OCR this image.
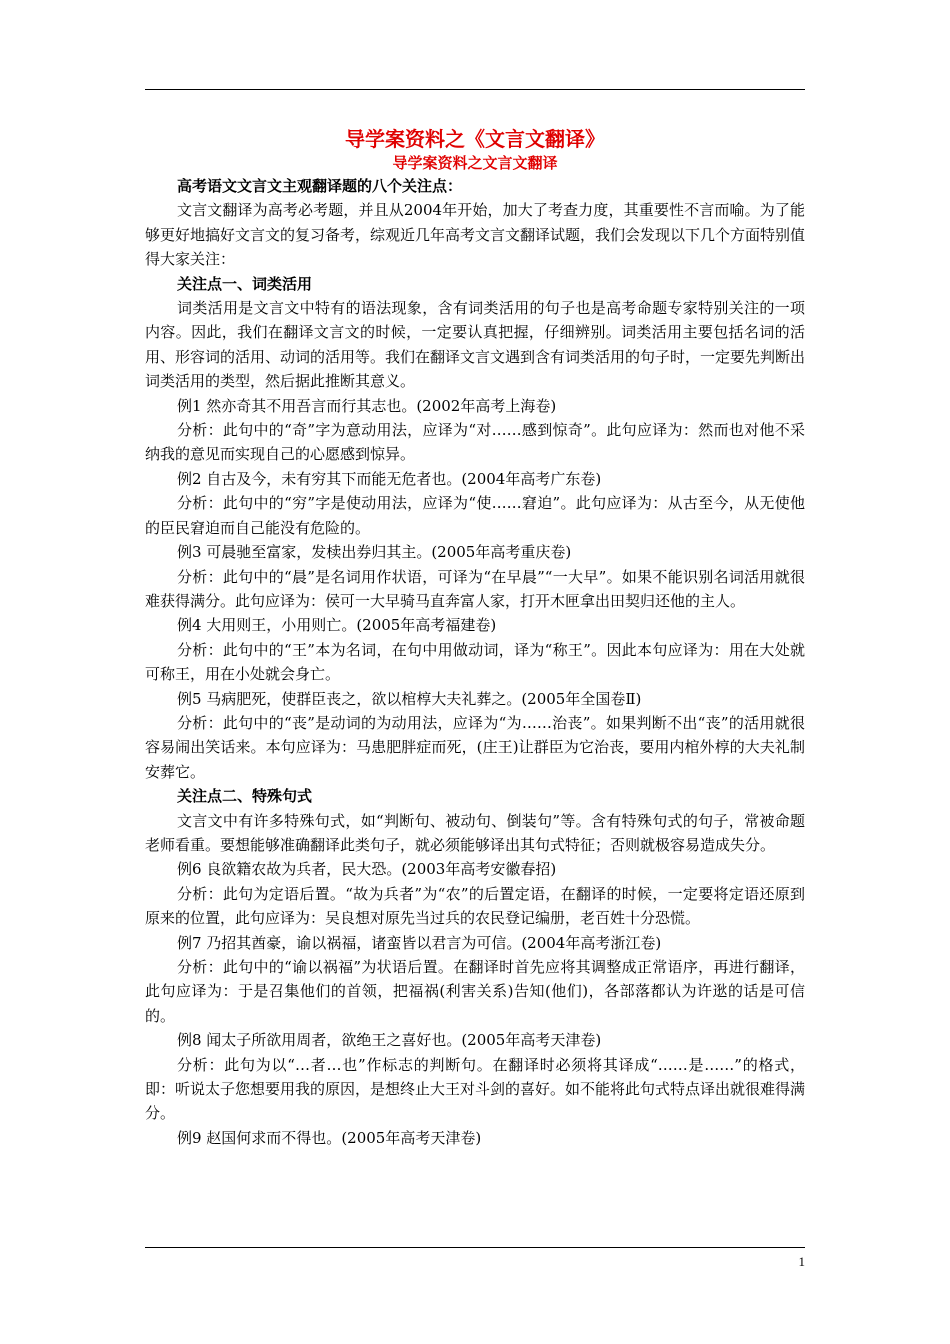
导学案资料之《文言文翻译》
导学案资料之文言文翻译

高考语文文言文主观翻译题的八个关注点：

文言文翻译为高考必考题，并且从2004年开始，加大了考查力度，其重要性不言而喻。为了能够更好地搞好文言文的复习备考，综观近几年高考文言文翻译试题，我们会发现以下几个方面特别值得大家关注：

关注点一、词类活用

词类活用是文言文中特有的语法现象，含有词类活用的句子也是高考命题专家特别关注的一项内容。因此，我们在翻译文言文的时候，一定要认真把握，仔细辨别。词类活用主要包括名词的活用、形容词的活用、动词的活用等。我们在翻译文言文遇到含有词类活用的句子时，一定要先判断出词类活用的类型，然后据此推断其意义。

例1 然亦奇其不用吾言而行其志也。(2002年高考上海卷)

分析：此句中的“奇”字为意动用法，应译为“对……感到惊奇”。此句应译为：然而也对他不采纳我的意见而实现自己的心愿感到惊异。

例2 自古及今，未有穷其下而能无危者也。(2004年高考广东卷)

分析：此句中的“穷”字是使动用法，应译为“使……窘迫”。此句应译为：从古至今，从无使他的臣民窘迫而自己能没有危险的。

例3 可晨驰至富家，发椟出券归其主。(2005年高考重庆卷)

分析：此句中的“晨”是名词用作状语，可译为“在早晨”“一大早”。如果不能识别名词活用就很难获得满分。此句应译为：侯可一大早骑马直奔富人家，打开木匣拿出田契归还他的主人。

例4 大用则王，小用则亡。(2005年高考福建卷)

分析：此句中的“王”本为名词，在句中用做动词，译为“称王”。因此本句应译为：用在大处就可称王，用在小处就会身亡。

例5 马病肥死，使群臣丧之，欲以棺椁大夫礼葬之。(2005年全国卷Ⅱ)

分析：此句中的“丧”是动词的为动用法，应译为“为……治丧”。如果判断不出“丧”的活用就很容易闹出笑话来。本句应译为：马患肥胖症而死，(庄王)让群臣为它治丧，要用内棺外椁的大夫礼制安葬它。

关注点二、特殊句式

文言文中有许多特殊句式，如“判断句、被动句、倒装句”等。含有特殊句式的句子，常被命题老师看重。要想能够准确翻译此类句子，就必须能够译出其句式特征；否则就极容易造成失分。

例6 良欲籍农故为兵者，民大恐。(2003年高考安徽春招)

分析：此句为定语后置。“故为兵者”为“农”的后置定语，在翻译的时候，一定要将定语还原到原来的位置，此句应译为：吴良想对原先当过兵的农民登记编册，老百姓十分恐慌。

例7 乃招其酋豪，谕以祸福，诸蛮皆以君言为可信。(2004年高考浙江卷)

分析：此句中的“谕以祸福”为状语后置。在翻译时首先应将其调整成正常语序，再进行翻译，此句应译为：于是召集他们的首领，把福祸(利害关系)告知(他们)，各部落都认为许逖的话是可信的。

例8 闻太子所欲用周者，欲绝王之喜好也。(2005年高考天津卷)

分析：此句为以“…者…也”作标志的判断句。在翻译时必须将其译成“……是……”的格式，即：听说太子您想要用我的原因，是想终止大王对斗剑的喜好。如不能将此句式特点译出就很难得满分。

例9 赵国何求而不得也。(2005年高考天津卷)

1
